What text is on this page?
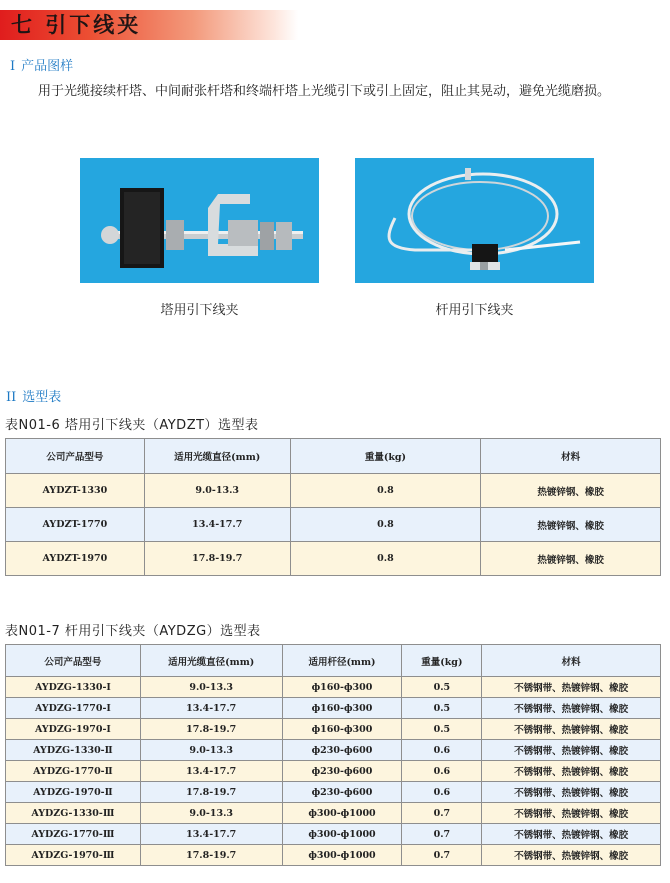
七 引下线夹
I 产品图样
用于光缆接续杆塔、中间耐张杆塔和终端杆塔上光缆引下或引上固定，阻止其晃动，避免光缆磨损。
塔用引下线夹	杆用引下线夹
II 选型表
表N01-6 塔用引下线夹（AYDZT）选型表
公司产品型号	适用光缆直径(mm)	重量(kg)	材料
AYDZT-1330	9.0-13.3	0.8	热镀锌钢、橡胶
AYDZT-1770	13.4-17.7	0.8	热镀锌钢、橡胶
AYDZT-1970	17.8-19.7	0.8	热镀锌钢、橡胶
表N01-7 杆用引下线夹（AYDZG）选型表
公司产品型号	适用光缆直径(mm)	适用杆径(mm)	重量(kg)	材料
AYDZG-1330-Ⅰ	9.0-13.3	ф160-ф300	0.5	不锈钢带、热镀锌钢、橡胶
AYDZG-1770-Ⅰ	13.4-17.7	ф160-ф300	0.5	不锈钢带、热镀锌钢、橡胶
AYDZG-1970-Ⅰ	17.8-19.7	ф160-ф300	0.5	不锈钢带、热镀锌钢、橡胶
AYDZG-1330-Ⅱ	9.0-13.3	ф230-ф600	0.6	不锈钢带、热镀锌钢、橡胶
AYDZG-1770-Ⅱ	13.4-17.7	ф230-ф600	0.6	不锈钢带、热镀锌钢、橡胶
AYDZG-1970-Ⅱ	17.8-19.7	ф230-ф600	0.6	不锈钢带、热镀锌钢、橡胶
AYDZG-1330-Ⅲ	9.0-13.3	ф300-ф1000	0.7	不锈钢带、热镀锌钢、橡胶
AYDZG-1770-Ⅲ	13.4-17.7	ф300-ф1000	0.7	不锈钢带、热镀锌钢、橡胶
AYDZG-1970-Ⅲ	17.8-19.7	ф300-ф1000	0.7	不锈钢带、热镀锌钢、橡胶
